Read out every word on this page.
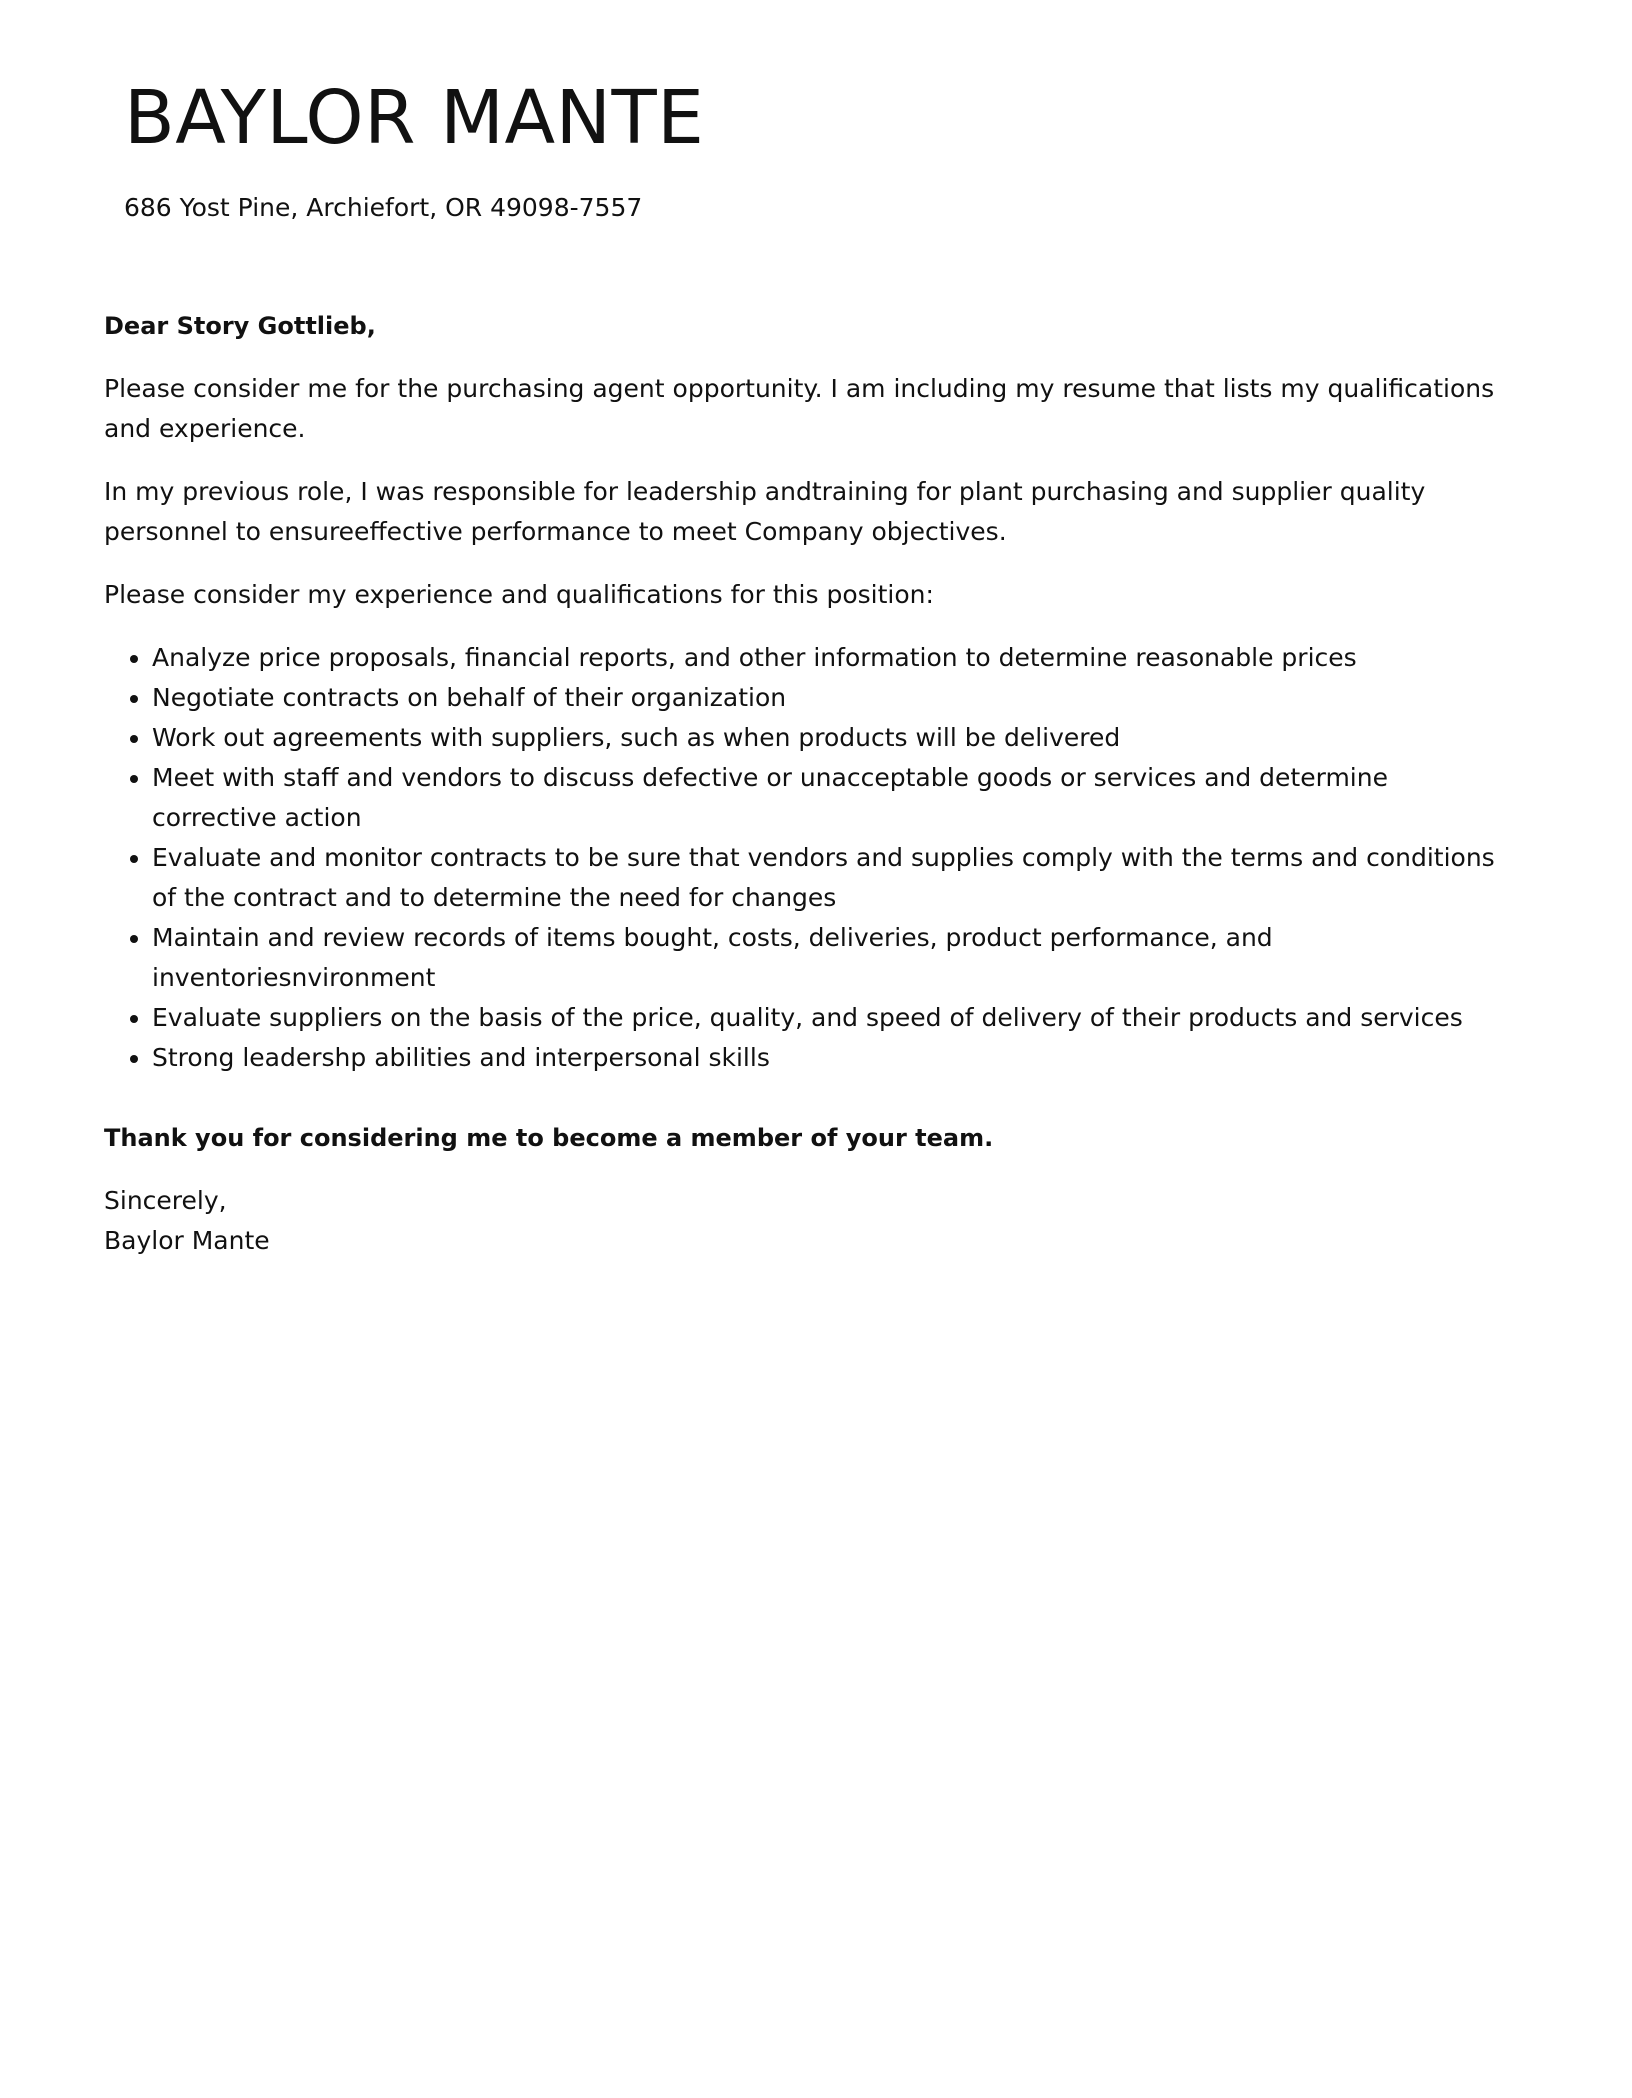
BAYLOR MANTE
686 Yost Pine, Archiefort, OR 49098-7557

Dear Story Gottlieb,

Please consider me for the purchasing agent opportunity. I am including my resume that lists my qualifications and experience.

In my previous role, I was responsible for leadership andtraining for plant purchasing and supplier quality personnel to ensureeffective performance to meet Company objectives.

Please consider my experience and qualifications for this position:

• Analyze price proposals, financial reports, and other information to determine reasonable prices
• Negotiate contracts on behalf of their organization
• Work out agreements with suppliers, such as when products will be delivered
• Meet with staff and vendors to discuss defective or unacceptable goods or services and determine corrective action
• Evaluate and monitor contracts to be sure that vendors and supplies comply with the terms and conditions of the contract and to determine the need for changes
• Maintain and review records of items bought, costs, deliveries, product performance, and inventoriesnvironment
• Evaluate suppliers on the basis of the price, quality, and speed of delivery of their products and services
• Strong leadershp abilities and interpersonal skills

Thank you for considering me to become a member of your team.

Sincerely,
Baylor Mante
